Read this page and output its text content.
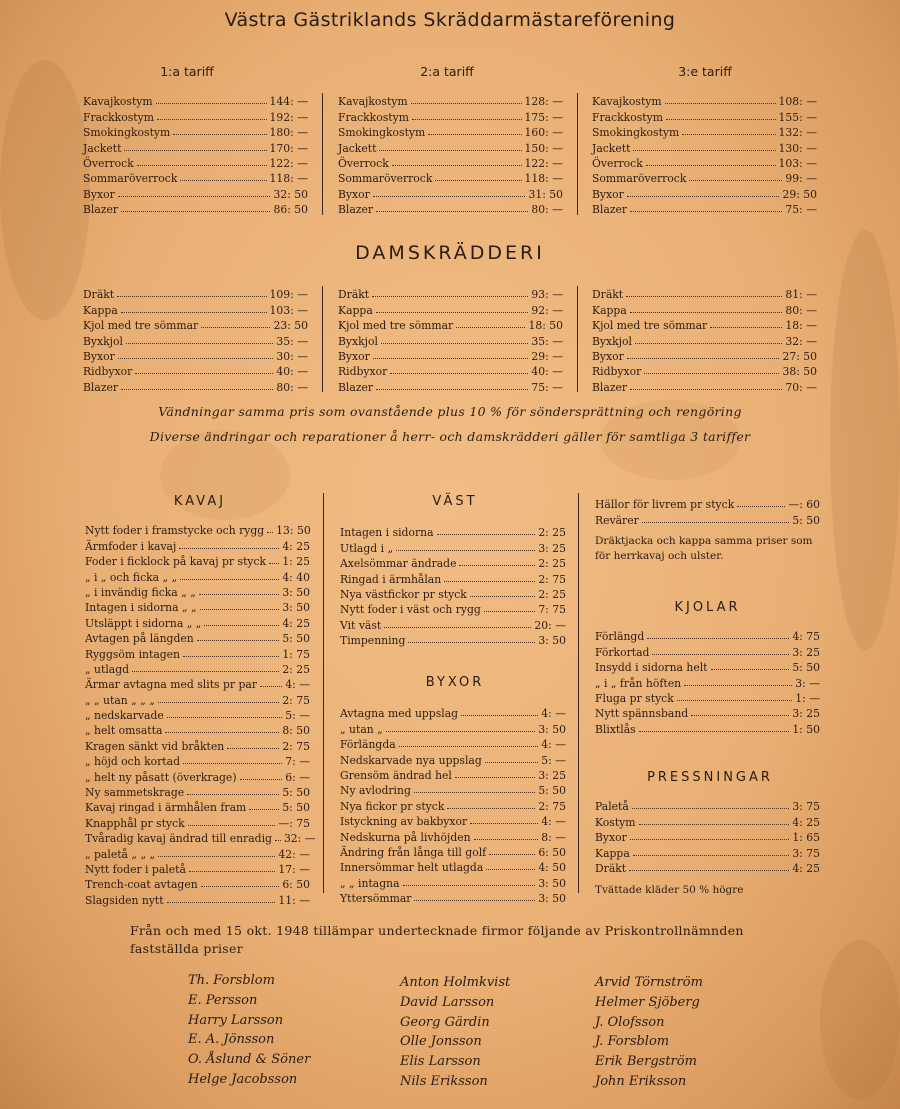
Västra Gästriklands Skräddarmästareförening
1:a tariff	2:a tariff	3:e tariff
Kavajkostym	144: —
Frackkostym	192: —
Smokingkostym	180: —
Jackett	170: —
Överrock	122: —
Sommaröverrock	118: —
Byxor	32: 50
Blazer	86: 50
Kavajkostym	128: —
Frackkostym	175: —
Smokingkostym	160: —
Jackett	150: —
Överrock	122: —
Sommaröverrock	118: —
Byxor	31: 50
Blazer	80: —
Kavajkostym	108: —
Frackkostym	155: —
Smokingkostym	132: —
Jackett	130: —
Överrock	103: —
Sommaröverrock	99: —
Byxor	29: 50
Blazer	75: —
DAMSKRÄDDERI
Dräkt	109: —
Kappa	103: —
Kjol med tre sömmar	23: 50
Byxkjol	35: —
Byxor	30: —
Ridbyxor	40: —
Blazer	80: —
Dräkt	93: —
Kappa	92: —
Kjol med tre sömmar	18: 50
Byxkjol	35: —
Byxor	29: —
Ridbyxor	40: —
Blazer	75: —
Dräkt	81: —
Kappa	80: —
Kjol med tre sömmar	18: —
Byxkjol	32: —
Byxor	27: 50
Ridbyxor	38: 50
Blazer	70: —
Vändningar samma pris som ovanstående plus 10 % för söndersprättning och rengöring
Diverse ändringar och reparationer å herr- och damskrädderi gäller för samtliga 3 tariffer
KAVAJ
Nytt foder i framstycke och rygg 13: 50
Ärmfoder i kavaj	4: 25
Foder i ficklock på kavaj pr styck 1: 25
„ i „ och ficka „ „	4: 40
„ i invändig ficka „ „	3: 50
Intagen i sidorna „ „	3: 50
Utsläppt i sidorna „ „	4: 25
Avtagen på längden	5: 50
Ryggsöm intagen	1: 75
„ utlagd	2: 25
Ärmar avtagna med slits pr par	4: —
„ „ utan „ „ „	2: 75
„ nedskarvade	5: —
„ helt omsatta	8: 50
Kragen sänkt vid bråkten	2: 75
„ höjd och kortad	7: —
„ helt ny påsatt (överkrage)	6: —
Ny sammetskrage	5: 50
Kavaj ringad i ärmhålen fram	5: 50
Knapphål pr styck	—: 75
Tvåradig kavaj ändrad till enradig 32: —
„ paletå „ „ „	42: —
Nytt foder i paletå	17: —
Trench-coat avtagen	6: 50
Slagsiden nytt	11: —
VÄST
Intagen i sidorna	2: 25
Utlagd i „	3: 25
Axelsömmar ändrade	2: 25
Ringad i ärmhålan	2: 75
Nya västfickor pr styck	2: 25
Nytt foder i väst och rygg	7: 75
Vit väst	20: —
Timpenning	3: 50
BYXOR
Avtagna med uppslag	4: —
„ utan „	3: 50
Förlängda	4: —
Nedskarvade nya uppslag	5: —
Grensöm ändrad hel	3: 25
Ny avlodring	5: 50
Nya fickor pr styck	2: 75
Istyckning av bakbyxor	4: —
Nedskurna på livhöjden	8: —
Ändring från långa till golf	6: 50
Innersömmar helt utlagda	4: 50
„ „ intagna	3: 50
Yttersömmar	3: 50
Hällor för livrem pr styck	—: 60
Revärer	5: 50
Dräktjacka och kappa samma priser som för herrkavaj och ulster.
KJOLAR
Förlängd	4: 75
Förkortad	3: 25
Insydd i sidorna helt	5: 50
„ i „ från höften	3: —
Fluga pr styck	1: —
Nytt spännsband	3: 25
Blixtlås	1: 50
PRESSNINGAR
Paletå	3: 75
Kostym	4: 25
Byxor	1: 65
Kappa	3: 75
Dräkt	4: 25
Tvättade kläder 50 % högre
Från och med 15 okt. 1948 tillämpar undertecknade firmor följande av Priskontrollnämnden fastställda priser
Th. Forsblom
E. Persson
Harry Larsson
E. A. Jönsson
O. Åslund & Söner
Helge Jacobsson
Anton Holmkvist
David Larsson
Georg Gärdin
Olle Jonsson
Elis Larsson
Nils Eriksson
Arvid Törnström
Helmer Sjöberg
J. Olofsson
J. Forsblom
Erik Bergström
John Eriksson
